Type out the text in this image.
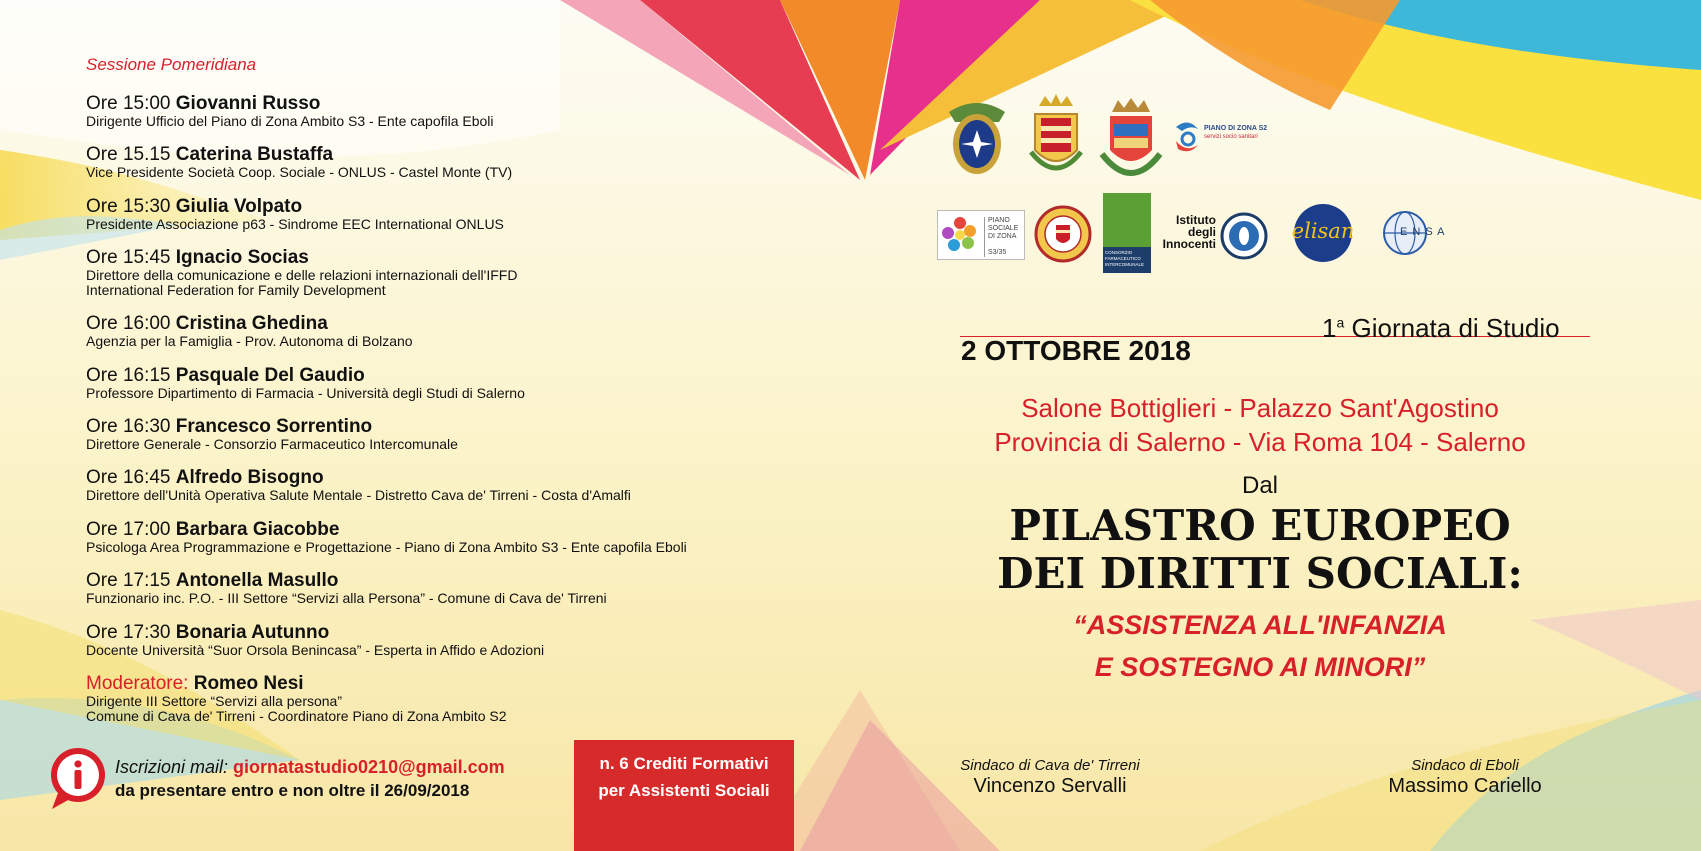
Sessione Pomeridiana
Ore 15:00 Giovanni Russo
Dirigente Ufficio del Piano di Zona Ambito S3 - Ente capofila Eboli
Ore 15.15 Caterina Bustaffa
Vice Presidente Società Coop. Sociale - ONLUS - Castel Monte (TV)
Ore 15:30 Giulia Volpato
Presidente Associazione p63 - Sindrome EEC International ONLUS
Ore 15:45 Ignacio Socias
Direttore della comunicazione e delle relazioni internazionali dell'IFFD
International Federation for Family Development
Ore 16:00 Cristina Ghedina
Agenzia per la Famiglia - Prov. Autonoma di Bolzano
Ore 16:15 Pasquale Del Gaudio
Professore Dipartimento di Farmacia - Università degli Studi di Salerno
Ore 16:30 Francesco Sorrentino
Direttore Generale - Consorzio Farmaceutico Intercomunale
Ore 16:45 Alfredo Bisogno
Direttore dell'Unità Operativa Salute Mentale - Distretto Cava de' Tirreni - Costa d'Amalfi
Ore 17:00 Barbara Giacobbe
Psicologa Area Programmazione e Progettazione - Piano di Zona Ambito S3 - Ente capofila Eboli
Ore 17:15 Antonella Masullo
Funzionario inc. P.O. - III Settore “Servizi alla Persona” - Comune di Cava de' Tirreni
Ore 17:30 Bonaria Autunno
Docente Università “Suor Orsola Benincasa” - Esperta in Affido e Adozioni
Moderatore: Romeo Nesi
Dirigente III Settore “Servizi alla persona”
Comune di Cava de' Tirreni - Coordinatore Piano di Zona Ambito S2
Iscrizioni mail: giornatastudio0210@gmail.com
da presentare entro e non oltre il 26/09/2018
n. 6 Crediti Formativi
per Assistenti Sociali
PIANO DI ZONA S2
servizi socio sanitari
PIANO
SOCIALE
DI ZONA
S3/35	CONSORZIO
FARMACEUTICO
INTERCOMUNALE
Istituto
degli
Innocenti
elisan	E N S A
1$^a$ Giornata di Studio
2 OTTOBRE 2018
Salone Bottiglieri - Palazzo Sant'Agostino
Provincia di Salerno - Via Roma 104 - Salerno
Dal
PILASTRO EUROPEO
DEI DIRITTI SOCIALI:
“ASSISTENZA ALL'INFANZIA
E SOSTEGNO AI MINORI”
Sindaco di Cava de' Tirreni
Vincenzo Servalli
Sindaco di Eboli
Massimo Cariello
